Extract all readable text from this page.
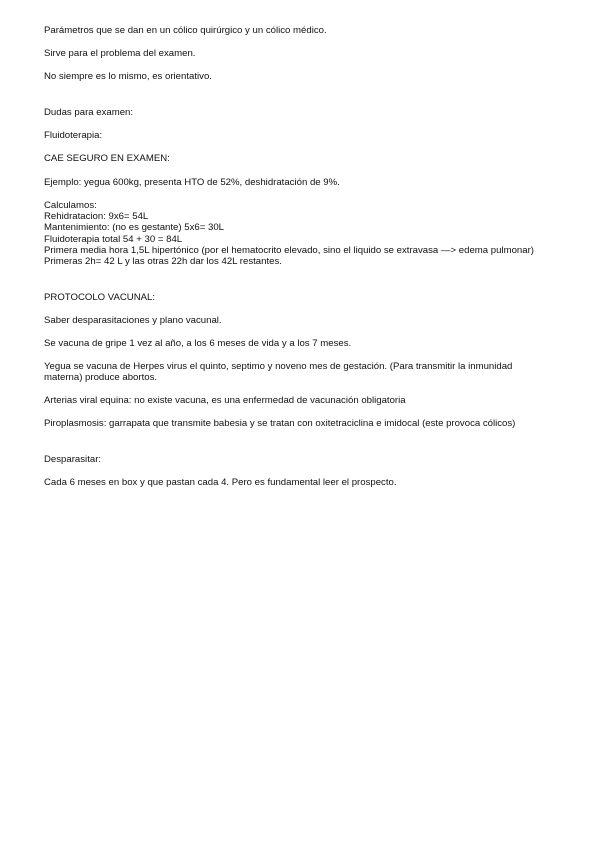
Parámetros que se dan en un cólico quirúrgico y un cólico médico.
Sirve para el problema del examen.
No siempre es lo mismo, es orientativo.
Dudas para examen:
Fluidoterapia:
CAE SEGURO EN EXAMEN:
Ejemplo: yegua 600kg, presenta HTO de 52%, deshidratación de 9%.
Calculamos:
Rehidratacion: 9x6= 54L
Mantenimiento: (no es gestante) 5x6= 30L
Fluidoterapia total 54 + 30 = 84L
Primera media hora 1,5L hipertónico (por el hematocrito elevado, sino el liquido se extravasa —> edema pulmonar)
Primeras 2h= 42 L y las otras 22h dar los 42L restantes.
PROTOCOLO VACUNAL:
Saber desparasitaciones y plano vacunal.
Se vacuna de gripe 1 vez al año, a los 6 meses de vida y a los 7 meses.
Yegua se vacuna de Herpes virus el quinto, septimo y noveno mes de gestación. (Para transmitir la inmunidad
materna) produce abortos.
Arterias viral equina: no existe vacuna, es una enfermedad de vacunación obligatoria
Piroplasmosis: garrapata que transmite babesia y se tratan con oxitetraciclina e imidocal (este provoca cólicos)
Desparasitar:
Cada 6 meses en box y que pastan cada 4. Pero es fundamental leer el prospecto.
